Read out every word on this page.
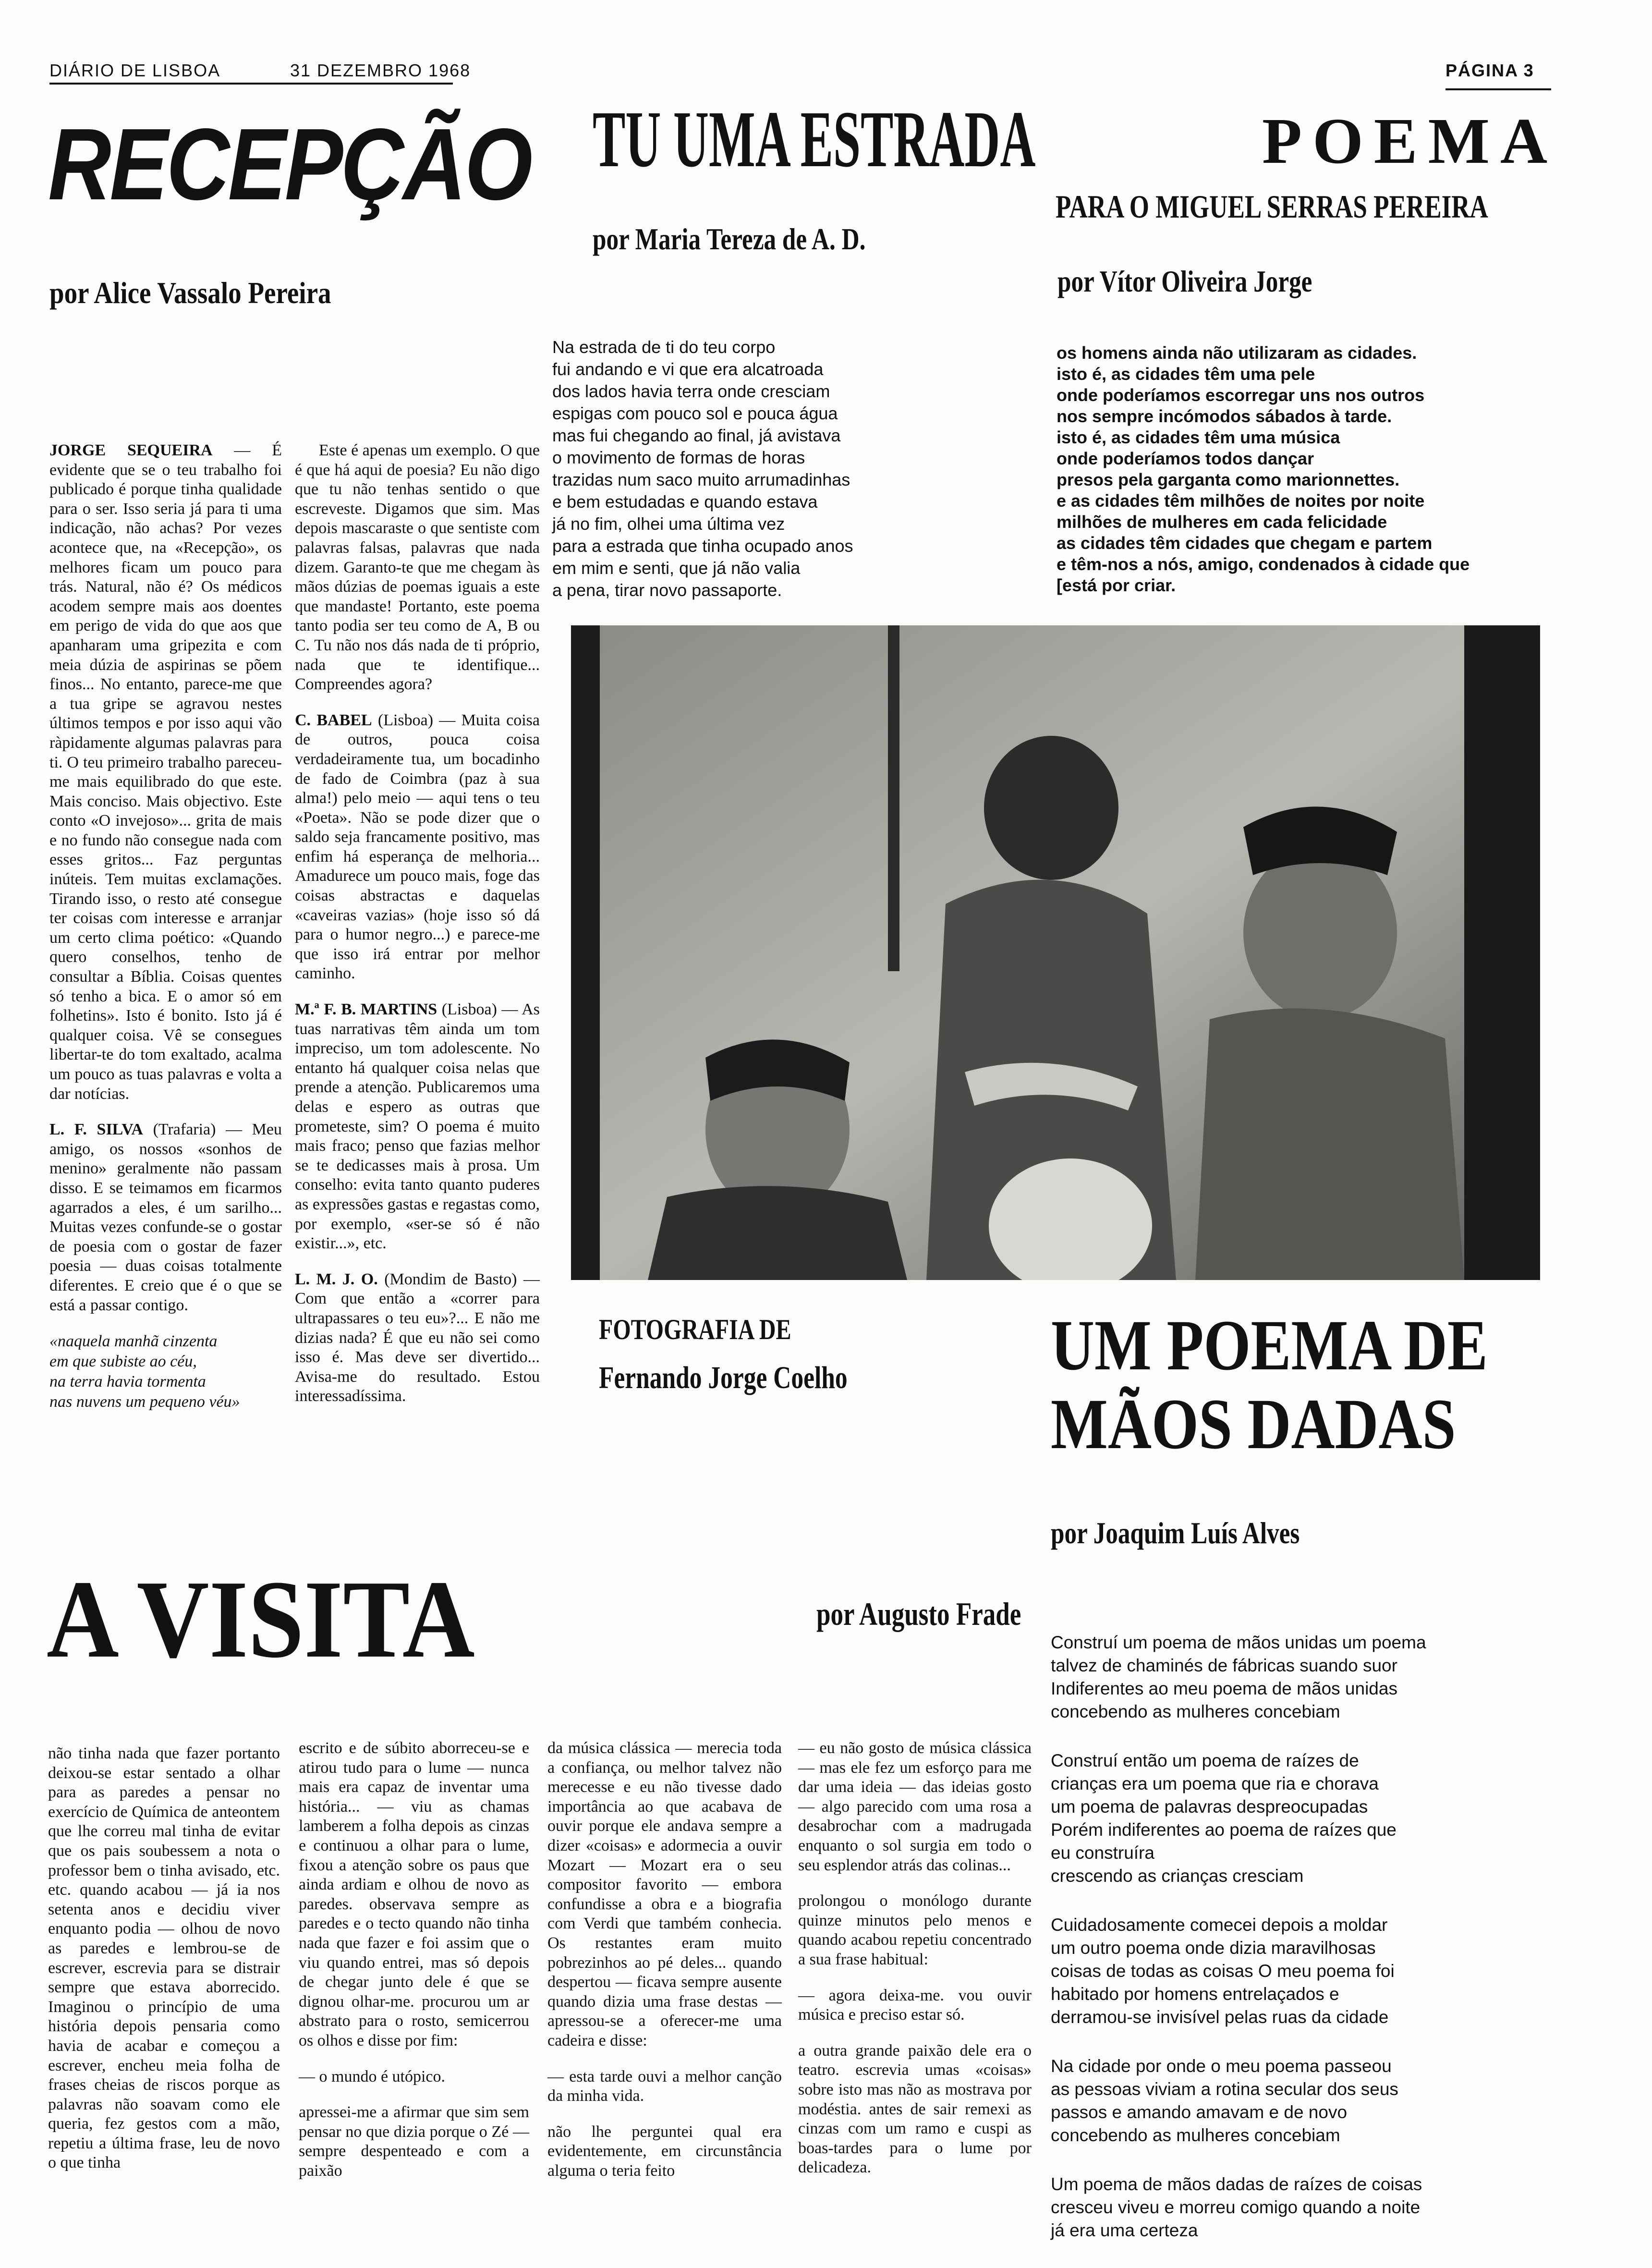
DIÁRIO DE LISBOA	31 DEZEMBRO 1968	PÁGINA 3
RECEPÇÃO
por Alice Vassalo Pereira

JORGE SEQUEIRA — É evidente que se o teu trabalho foi publicado é porque tinha qualidade para o ser. Isso seria já para ti uma indicação, não achas? Por vezes acontece que, na «Recepção», os melhores ficam um pouco para trás. Natural, não é? Os médicos acodem sempre mais aos doentes em perigo de vida do que aos que apanharam uma gripezita e com meia dúzia de aspirinas se põem finos... No entanto, parece-me que a tua gripe se agravou nestes últimos tempos e por isso aqui vão ràpidamente algumas palavras para ti. O teu primeiro trabalho pareceu-me mais equilibrado do que este. Mais conciso. Mais objectivo. Este conto «O invejoso»... grita de mais e no fundo não consegue nada com esses gritos... Faz perguntas inúteis. Tem muitas exclamações. Tirando isso, o resto até consegue ter coisas com interesse e arranjar um certo clima poético: «Quando quero conselhos, tenho de consultar a Bíblia. Coisas quentes só tenho a bica. E o amor só em folhetins». Isto é bonito. Isto já é qualquer coisa. Vê se consegues libertar-te do tom exaltado, acalma um pouco as tuas palavras e volta a dar notícias.

L. F. SILVA (Trafaria) — Meu amigo, os nossos «sonhos de menino» geralmente não passam disso. E se teimamos em ficarmos agarrados a eles, é um sarilho... Muitas vezes confunde-se o gostar de poesia com o gostar de fazer poesia — duas coisas totalmente diferentes. E creio que é o que se está a passar contigo.

«naquela manhã cinzenta
em que subiste ao céu,
na terra havia tormenta
nas nuvens um pequeno véu»

Este é apenas um exemplo. O que é que há aqui de poesia? Eu não digo que tu não tenhas sentido o que escreveste. Digamos que sim. Mas depois mascaraste o que sentiste com palavras falsas, palavras que nada dizem. Garanto-te que me chegam às mãos dúzias de poemas iguais a este que mandaste! Portanto, este poema tanto podia ser teu como de A, B ou C. Tu não nos dás nada de ti próprio, nada que te identifique... Compreendes agora?

C. BABEL (Lisboa) — Muita coisa de outros, pouca coisa verdadeiramente tua, um bocadinho de fado de Coimbra (paz à sua alma!) pelo meio — aqui tens o teu «Poeta». Não se pode dizer que o saldo seja francamente positivo, mas enfim há esperança de melhoria... Amadurece um pouco mais, foge das coisas abstractas e daquelas «caveiras vazias» (hoje isso só dá para o humor negro...) e parece-me que isso irá entrar por melhor caminho.

M.ª F. B. MARTINS (Lisboa) — As tuas narrativas têm ainda um tom impreciso, um tom adolescente. No entanto há qualquer coisa nelas que prende a atenção. Publicaremos uma delas e espero as outras que prometeste, sim? O poema é muito mais fraco; penso que fazias melhor se te dedicasses mais à prosa. Um conselho: evita tanto quanto puderes as expressões gastas e regastas como, por exemplo, «ser-se só é não existir...», etc.

L. M. J. O. (Mondim de Basto) — Com que então a «correr para ultrapassares o teu eu»?... E não me dizias nada? É que eu não sei como isso é. Mas deve ser divertido... Avisa-me do resultado. Estou interessadíssima.

TU UMA ESTRADA
por Maria Tereza de A. D.
Na estrada de ti do teu corpo
fui andando e vi que era alcatroada
dos lados havia terra onde cresciam
espigas com pouco sol e pouca água
mas fui chegando ao final, já avistava
o movimento de formas de horas
trazidas num saco muito arrumadinhas
e bem estudadas e quando estava
já no fim, olhei uma última vez
para a estrada que tinha ocupado anos
em mim e senti, que já não valia
a pena, tirar novo passaporte.
POEMA
PARA O MIGUEL SERRAS PEREIRA
por Vítor Oliveira Jorge
os homens ainda não utilizaram as cidades.
isto é, as cidades têm uma pele
onde poderíamos escorregar uns nos outros
nos sempre incómodos sábados à tarde.
isto é, as cidades têm uma música
onde poderíamos todos dançar
presos pela garganta como marionnettes.
e as cidades têm milhões de noites por noite
milhões de mulheres em cada felicidade
as cidades têm cidades que chegam e partem
e têm-nos a nós, amigo, condenados à cidade que
[está por criar.
FOTOGRAFIA DE
Fernando Jorge Coelho	UM POEMA DE
MÃOS DADAS
por Joaquim Luís Alves

Construí um poema de mãos unidas um poema
talvez de chaminés de fábricas suando suor
Indiferentes ao meu poema de mãos unidas
concebendo as mulheres concebiam

Construí então um poema de raízes de
crianças era um poema que ria e chorava
um poema de palavras despreocupadas
Porém indiferentes ao poema de raízes que
eu construíra
crescendo as crianças cresciam

Cuidadosamente comecei depois a moldar
um outro poema onde dizia maravilhosas
coisas de todas as coisas O meu poema foi
habitado por homens entrelaçados e
derramou-se invisível pelas ruas da cidade

Na cidade por onde o meu poema passeou
as pessoas viviam a rotina secular dos seus
passos e amando amavam e de novo
concebendo as mulheres concebiam

Um poema de mãos dadas de raízes de coisas
cresceu viveu e morreu comigo quando a noite
já era uma certeza

A VISITA	por Augusto Frade

não tinha nada que fazer portanto deixou-se estar sentado a olhar para as paredes a pensar no exercício de Química de anteontem que lhe correu mal tinha de evitar que os pais soubessem a nota o professor bem o tinha avisado, etc. etc. quando acabou — já ia nos setenta anos e decidiu viver enquanto podia — olhou de novo as paredes e lembrou-se de escrever, escrevia para se distrair sempre que estava aborrecido. Imaginou o princípio de uma história depois pensaria como havia de acabar e começou a escrever, encheu meia folha de frases cheias de riscos porque as palavras não soavam como ele queria, fez gestos com a mão, repetiu a última frase, leu de novo o que tinha

escrito e de súbito aborreceu-se e atirou tudo para o lume — nunca mais era capaz de inventar uma história... — viu as chamas lamberem a folha depois as cinzas e continuou a olhar para o lume, fixou a atenção sobre os paus que ainda ardiam e olhou de novo as paredes. observava sempre as paredes e o tecto quando não tinha nada que fazer e foi assim que o viu quando entrei, mas só depois de chegar junto dele é que se dignou olhar-me. procurou um ar abstrato para o rosto, semicerrou os olhos e disse por fim:

— o mundo é utópico.

apressei-me a afirmar que sim sem pensar no que dizia porque o Zé — sempre despenteado e com a paixão

da música clássica — merecia toda a confiança, ou melhor talvez não merecesse e eu não tivesse dado importância ao que acabava de ouvir porque ele andava sempre a dizer «coisas» e adormecia a ouvir Mozart — Mozart era o seu compositor favorito — embora confundisse a obra e a biografia com Verdi que também conhecia. Os restantes eram muito pobrezinhos ao pé deles... quando despertou — ficava sempre ausente quando dizia uma frase destas — apressou-se a oferecer-me uma cadeira e disse:

— esta tarde ouvi a melhor canção da minha vida.

não lhe perguntei qual era evidentemente, em circunstância alguma o teria feito

— eu não gosto de música clássica — mas ele fez um esforço para me dar uma ideia — das ideias gosto — algo parecido com uma rosa a desabrochar com a madrugada enquanto o sol surgia em todo o seu esplendor atrás das colinas...

prolongou o monólogo durante quinze minutos pelo menos e quando acabou repetiu concentrado a sua frase habitual:

— agora deixa-me. vou ouvir música e preciso estar só.

a outra grande paixão dele era o teatro. escrevia umas «coisas» sobre isto mas não as mostrava por modéstia. antes de sair remexi as cinzas com um ramo e cuspi as boas-tardes para o lume por delicadeza.
